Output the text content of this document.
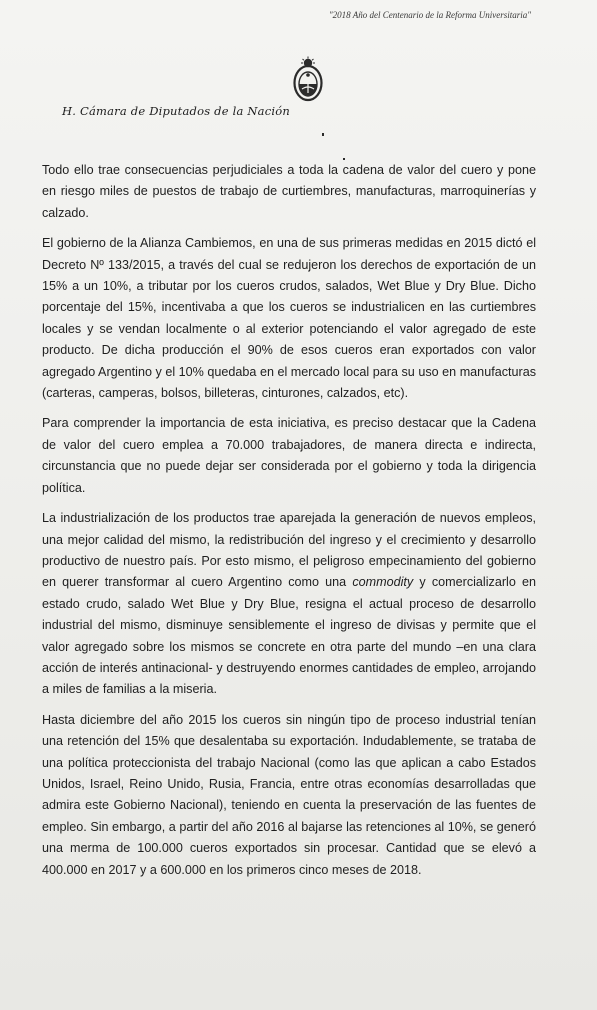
"2018 Año del Centenario de la Reforma Universitaria"
H. Cámara de Diputados de la Nación

Todo ello trae consecuencias perjudiciales a toda la cadena de valor del cuero y pone en riesgo miles de puestos de trabajo de curtiembres, manufacturas, marroquinerías y calzado.

El gobierno de la Alianza Cambiemos, en una de sus primeras medidas en 2015 dictó el Decreto Nº 133/2015, a través del cual se redujeron los derechos de exportación de un 15% a un 10%, a tributar por los cueros crudos, salados, Wet Blue y Dry Blue. Dicho porcentaje del 15%, incentivaba a que los cueros se industrialicen en las curtiembres locales y se vendan localmente o al exterior potenciando el valor agregado de este producto. De dicha producción el 90% de esos cueros eran exportados con valor agregado Argentino y el 10% quedaba en el mercado local para su uso en manufacturas (carteras, camperas, bolsos, billeteras, cinturones, calzados, etc).

Para comprender la importancia de esta iniciativa, es preciso destacar que la Cadena de valor del cuero emplea a 70.000 trabajadores, de manera directa e indirecta, circunstancia que no puede dejar ser considerada por el gobierno y toda la dirigencia política.

La industrialización de los productos trae aparejada la generación de nuevos empleos, una mejor calidad del mismo, la redistribución del ingreso y el crecimiento y desarrollo productivo de nuestro país. Por esto mismo, el peligroso empecinamiento del gobierno en querer transformar al cuero Argentino como una commodity y comercializarlo en estado crudo, salado Wet Blue y Dry Blue, resigna el actual proceso de desarrollo industrial del mismo, disminuye sensiblemente el ingreso de divisas y permite que el valor agregado sobre los mismos se concrete en otra parte del mundo –en una clara acción de interés antinacional- y destruyendo enormes cantidades de empleo, arrojando a miles de familias a la miseria.

Hasta diciembre del año 2015 los cueros sin ningún tipo de proceso industrial tenían una retención del 15% que desalentaba su exportación. Indudablemente, se trataba de una política proteccionista del trabajo Nacional (como las que aplican a cabo Estados Unidos, Israel, Reino Unido, Rusia, Francia, entre otras economías desarrolladas que admira este Gobierno Nacional), teniendo en cuenta la preservación de las fuentes de empleo. Sin embargo, a partir del año 2016 al bajarse las retenciones al 10%, se generó una merma de 100.000 cueros exportados sin procesar. Cantidad que se elevó a 400.000 en 2017 y a 600.000 en los primeros cinco meses de 2018.
